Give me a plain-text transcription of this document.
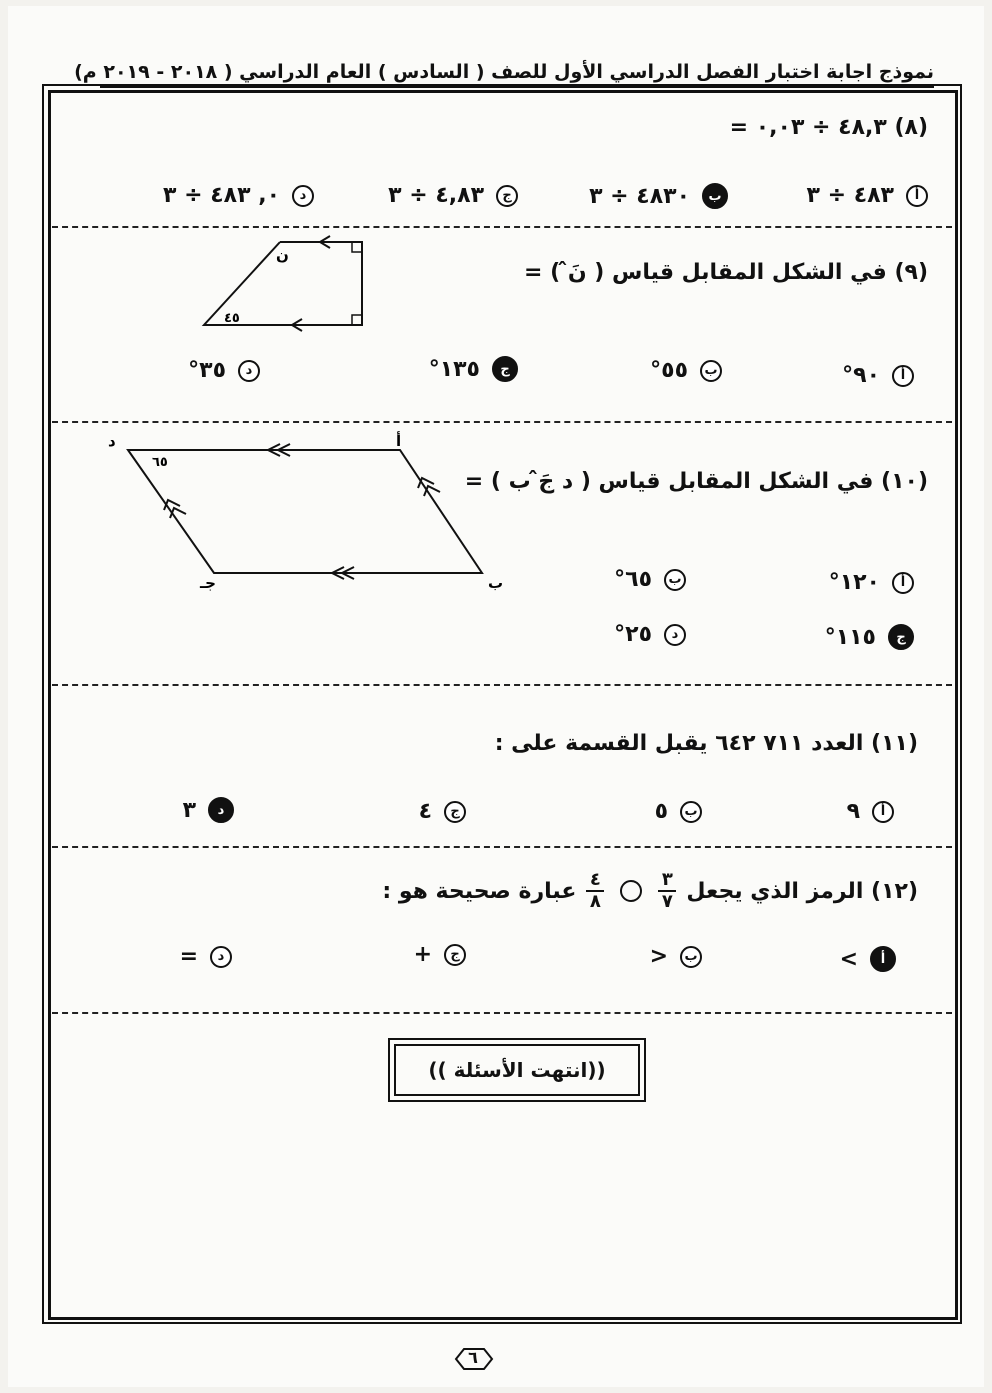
نموذج اجابة اختبار الفصل الدراسي الأول للصف ( السادس ) العام الدراسي ( ٢٠١٨ - ٢٠١٩ م)
(٨) ٤٨,٣ ÷ ٠,٠٣ =
أ
٤٨٣ ÷ ٣
ب
٤٨٣٠ ÷ ٣
ج
٤,٨٣ ÷ ٣
د
٠, ٤٨٣ ÷ ٣
ن
٤٥
(٩) في الشكل المقابل قياس ( نَ̂ ) =
أ
٩٠°
ب
٥٥°
ج
١٣٥°
د
٣٥°
أ
د
جـ	ب
٦٥
(١٠) في الشكل المقابل قياس ( د جَ̂ ب ) =
أ
١٢٠°
ب
٦٥°
ج
١١٥°
د
٢٥°
(١١) العدد ٧١١ ٦٤٢ يقبل القسمة على :
أ
٩
ب
٥
ج
٤
د
٣
(١٢) الرمز الذي يجعل
$\frac{٣}{٧}$
$\frac{٤}{٨}$
عبارة صحيحة هو :
أ
>
ب
<
ج
+
د
=
((انتهت الأسئلة ))
٦
